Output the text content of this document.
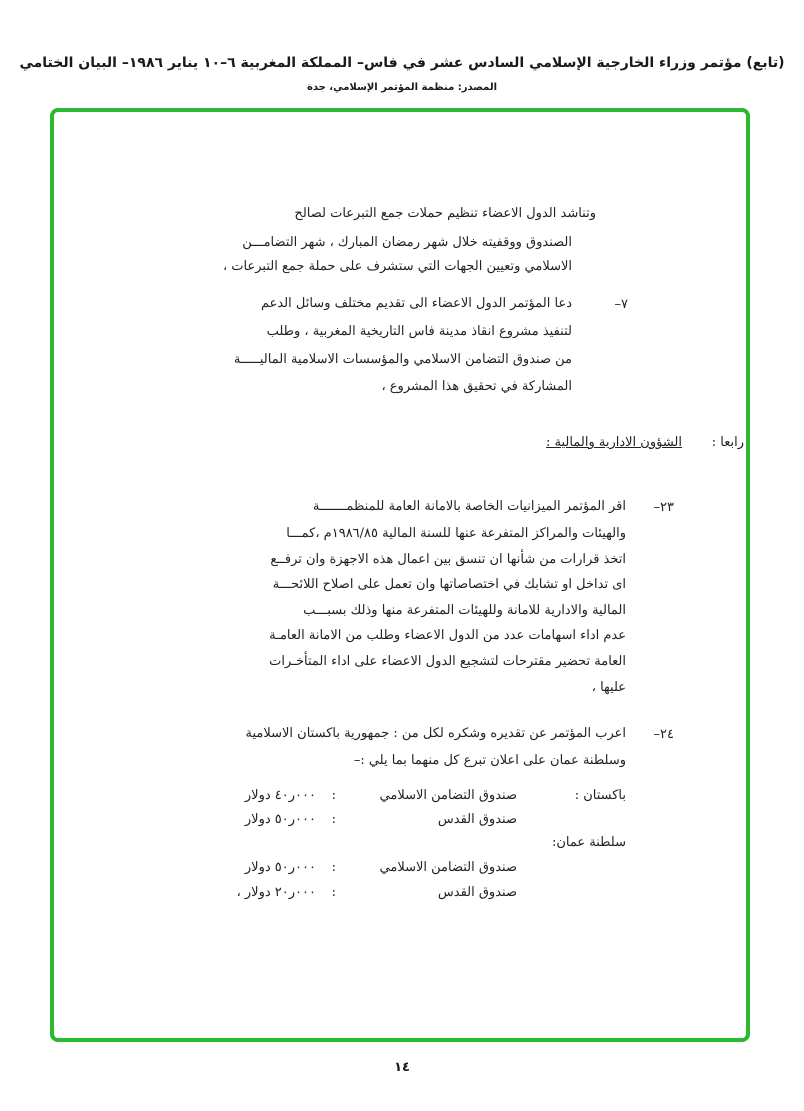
(تابع) مؤتمر وزراء الخارجية الإسلامي السادس عشر في فاس– المملكة المغربية ٦–١٠ يناير ١٩٨٦– البيان الختامي
المصدر: منظمة المؤتمر الإسلامي، جدة
وتناشد الدول الاعضاء تنظيم حملات جمع التبرعات لصالح
الصندوق ووقفيته خلال شهر رمضان المبارك ، شهر التضامـــن
الاسلامي وتعيين الجهات التي ستشرف على حملة جمع التبرعات ،
٧–
دعا المؤتمر الدول الاعضاء الى تقديم مختلف وسائل الدعم
لتنفيذ مشروع انقاذ مدينة فاس التاريخية المغربية ، وطلب
من صندوق التضامن الاسلامي والمؤسسات الاسلامية الماليـــــة
المشاركة في تحقيق هذا المشروع ،
رابعا :
الشؤون الادارية والمالية :
٢٣–
اقر المؤتمر الميزانيات الخاصة بالامانة العامة للمنظمـــــــة
والهيئات والمراكز المتفرعة عنها للسنة المالية ١٩٨٦/٨٥م ،كمـــا
اتخذ قرارات من شأنها ان تنسق بين اعمال هذه الاجهزة وان ترفــع
اى تداخل او تشابك في اختصاصاتها وان تعمل على اصلاح اللائحـــة
المالية والادارية للامانة وللهيئات المتفرعة منها وذلك بسبـــب
عدم اداء اسهامات عدد من الدول الاعضاء وطلب من الامانة العامـة
العامة تحضير مقترحات لتشجيع الدول الاعضاء على اداء المتأخـرات
عليها ،
٢٤–
اعرب المؤتمر عن تقديره وشكره لكل من : جمهورية باكستان الاسلامية
وسلطنة عمان على اعلان تبرع كل منهما بما يلي :–
باكستان :
صندوق التضامن الاسلامي
:
٠٠٠ر٤٠ دولار
صندوق القدس
:
٠٠٠ر٥٠ دولار
سلطنة عمان:
صندوق التضامن الاسلامي
:
٠٠٠ر٥٠ دولار
صندوق القدس
:
٠٠٠ر٢٠ دولار ،
١٤
